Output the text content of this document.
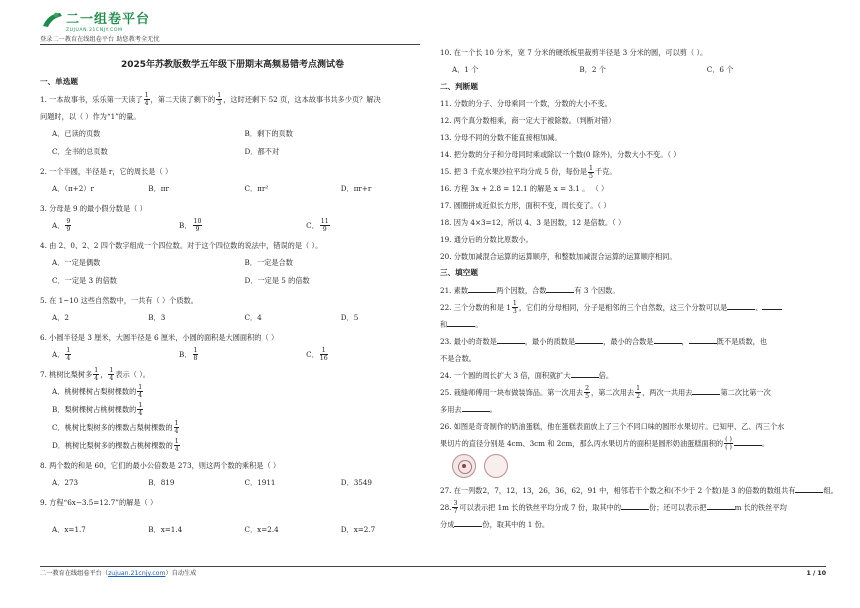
二一组卷平台
ZUJUAN.21CNJY.COM
登录二一教育在线组卷平台 助您教考全无忧
2025年苏教版数学五年级下册期末高频易错考点测试卷
一、单选题
1. 一本故事书，乐乐第一天读了 $\frac{1}{4}$ ，第二天读了剩下的 $\frac{1}{3}$ ，这时还剩下 52 页，这本故事书共多少页？解决
问题时，以（ ）作为“1”的量。
A．已读的页数	B．剩下的页数
C．全书的总页数	D．都不对
2. 一个半圆，半径是 r，它的周长是（ ）
A．（π+2）r	B．πr	C．πr²	D．πr+r
3. 分母是 9 的最小假分数是（ ）
A． $\frac{9}{9}$	B． $\frac{10}{9}$	C． $\frac{11}{9}$
4. 由 2、0、2、2 四个数字组成一个四位数。对于这个四位数的说法中，错误的是（ ）。
A．一定是偶数	B．一定是合数
C．一定是 3 的倍数	D．一定是 5 的倍数
5. 在 1~10 这些自然数中，一共有（ ）个质数。
A．2	B．3	C．4	D．5
6. 小圆半径是 3 厘米，大圆半径是 6 厘米，小圆的面积是大圆面积的（ ）
A． $\frac{1}{4}$	B． $\frac{1}{8}$	C． $\frac{1}{16}$
7. 桃树比梨树多 $\frac{1}{4}$ ， $\frac{1}{4}$ 表示（ ）。
A．桃树棵树占梨树棵数的 $\frac{1}{4}$
B．梨树棵树占桃树棵数的 $\frac{1}{4}$
C．桃树比梨树多的棵数占梨树棵数的 $\frac{1}{4}$
D．桃树比梨树多的棵数占桃树棵数的 $\frac{1}{4}$
8. 两个数的和是 60，它们的最小公倍数是 273，则这两个数的乘积是（ ）
A．273	B．819	C．1911	D．3549
9. 方程“6x−3.5=12.7”的解是（ ）
A．x=1.7	B．x=1.4	C．x=2.4	D．x=2.7
10. 在一个长 10 分米，宽 7 分米的硬纸板里裁剪半径是 3 分米的圆，可以剪（ ）。
A．1 个	B．2 个	C．6 个
二、判断题
11. 分数的分子、分母乘同一个数，分数的大小不变。
12. 两个真分数相乘，商一定大于被除数。（判断对错）
13. 分母不同的分数不能直接相加减。
14. 把分数的分子和分母同时乘或除以一个数(0 除外)，分数大小不变。（ ）
15. 把 3 千克水果沙拉平均分成 5 份，每份是 $\frac{1}{5}$ 千克。
16. 方程 3x + 2.8 = 12.1 的解是 x = 3.1 。 （ ）
17. 圆圈拼成近似长方形，面积不变，周长变了。（ ）
18. 因为 4×3=12，所以 4、3 是因数，12 是倍数。（ ）
19. 通分后的分数比原数小。
20. 分数加减混合运算的运算顺序，和整数加减混合运算的运算顺序相同。
三、填空题
21. 素数	两个因数，合数	有 3 个因数。
22. 三个分数的和是 $1 \frac{1}{3}$ ，它们的分母相同，分子是相邻的三个自然数，这三个分数可以是	、
和	。
23. 最小的奇数是	，最小的质数是	，最小的合数是	，	既不是质数，也
不是合数。
24. 一个圆的周长扩大 3 倍，面积就扩大	倍。
25. 栽缝师傅用一块布做装饰品。第一次用去 $\frac{2}{5}$ ，第二次用去 $\frac{1}{2}$ ，两次一共用去	第二次比第一次
多用去	。
26. 如图是奇奇制作的奶油蛋糕，他在蛋糕表面放上了三个不同口味的圆形水果切片。已知甲、乙、丙三个水
果切片的直径分别是 4cm、3cm 和 2cm，那么丙水果切片的面积是圆形奶油蛋糕面积的 $\frac{( )}{( )}$	。
27. 在一列数2，7，12，13，26，36，62，91 中，相邻若干个数之和(不少于 2 个数)是 3 的倍数的数组共有	组。
28. $\frac{3}{7}$ 可以表示把 1m 长的铁丝平均分成 7 份，取其中的	份；还可以表示把	m 长的铁丝平均
分成	份，取其中的 1 份。
二一教育在线组卷平台（zujuan.21cnjy.com）自动生成	1 / 10
